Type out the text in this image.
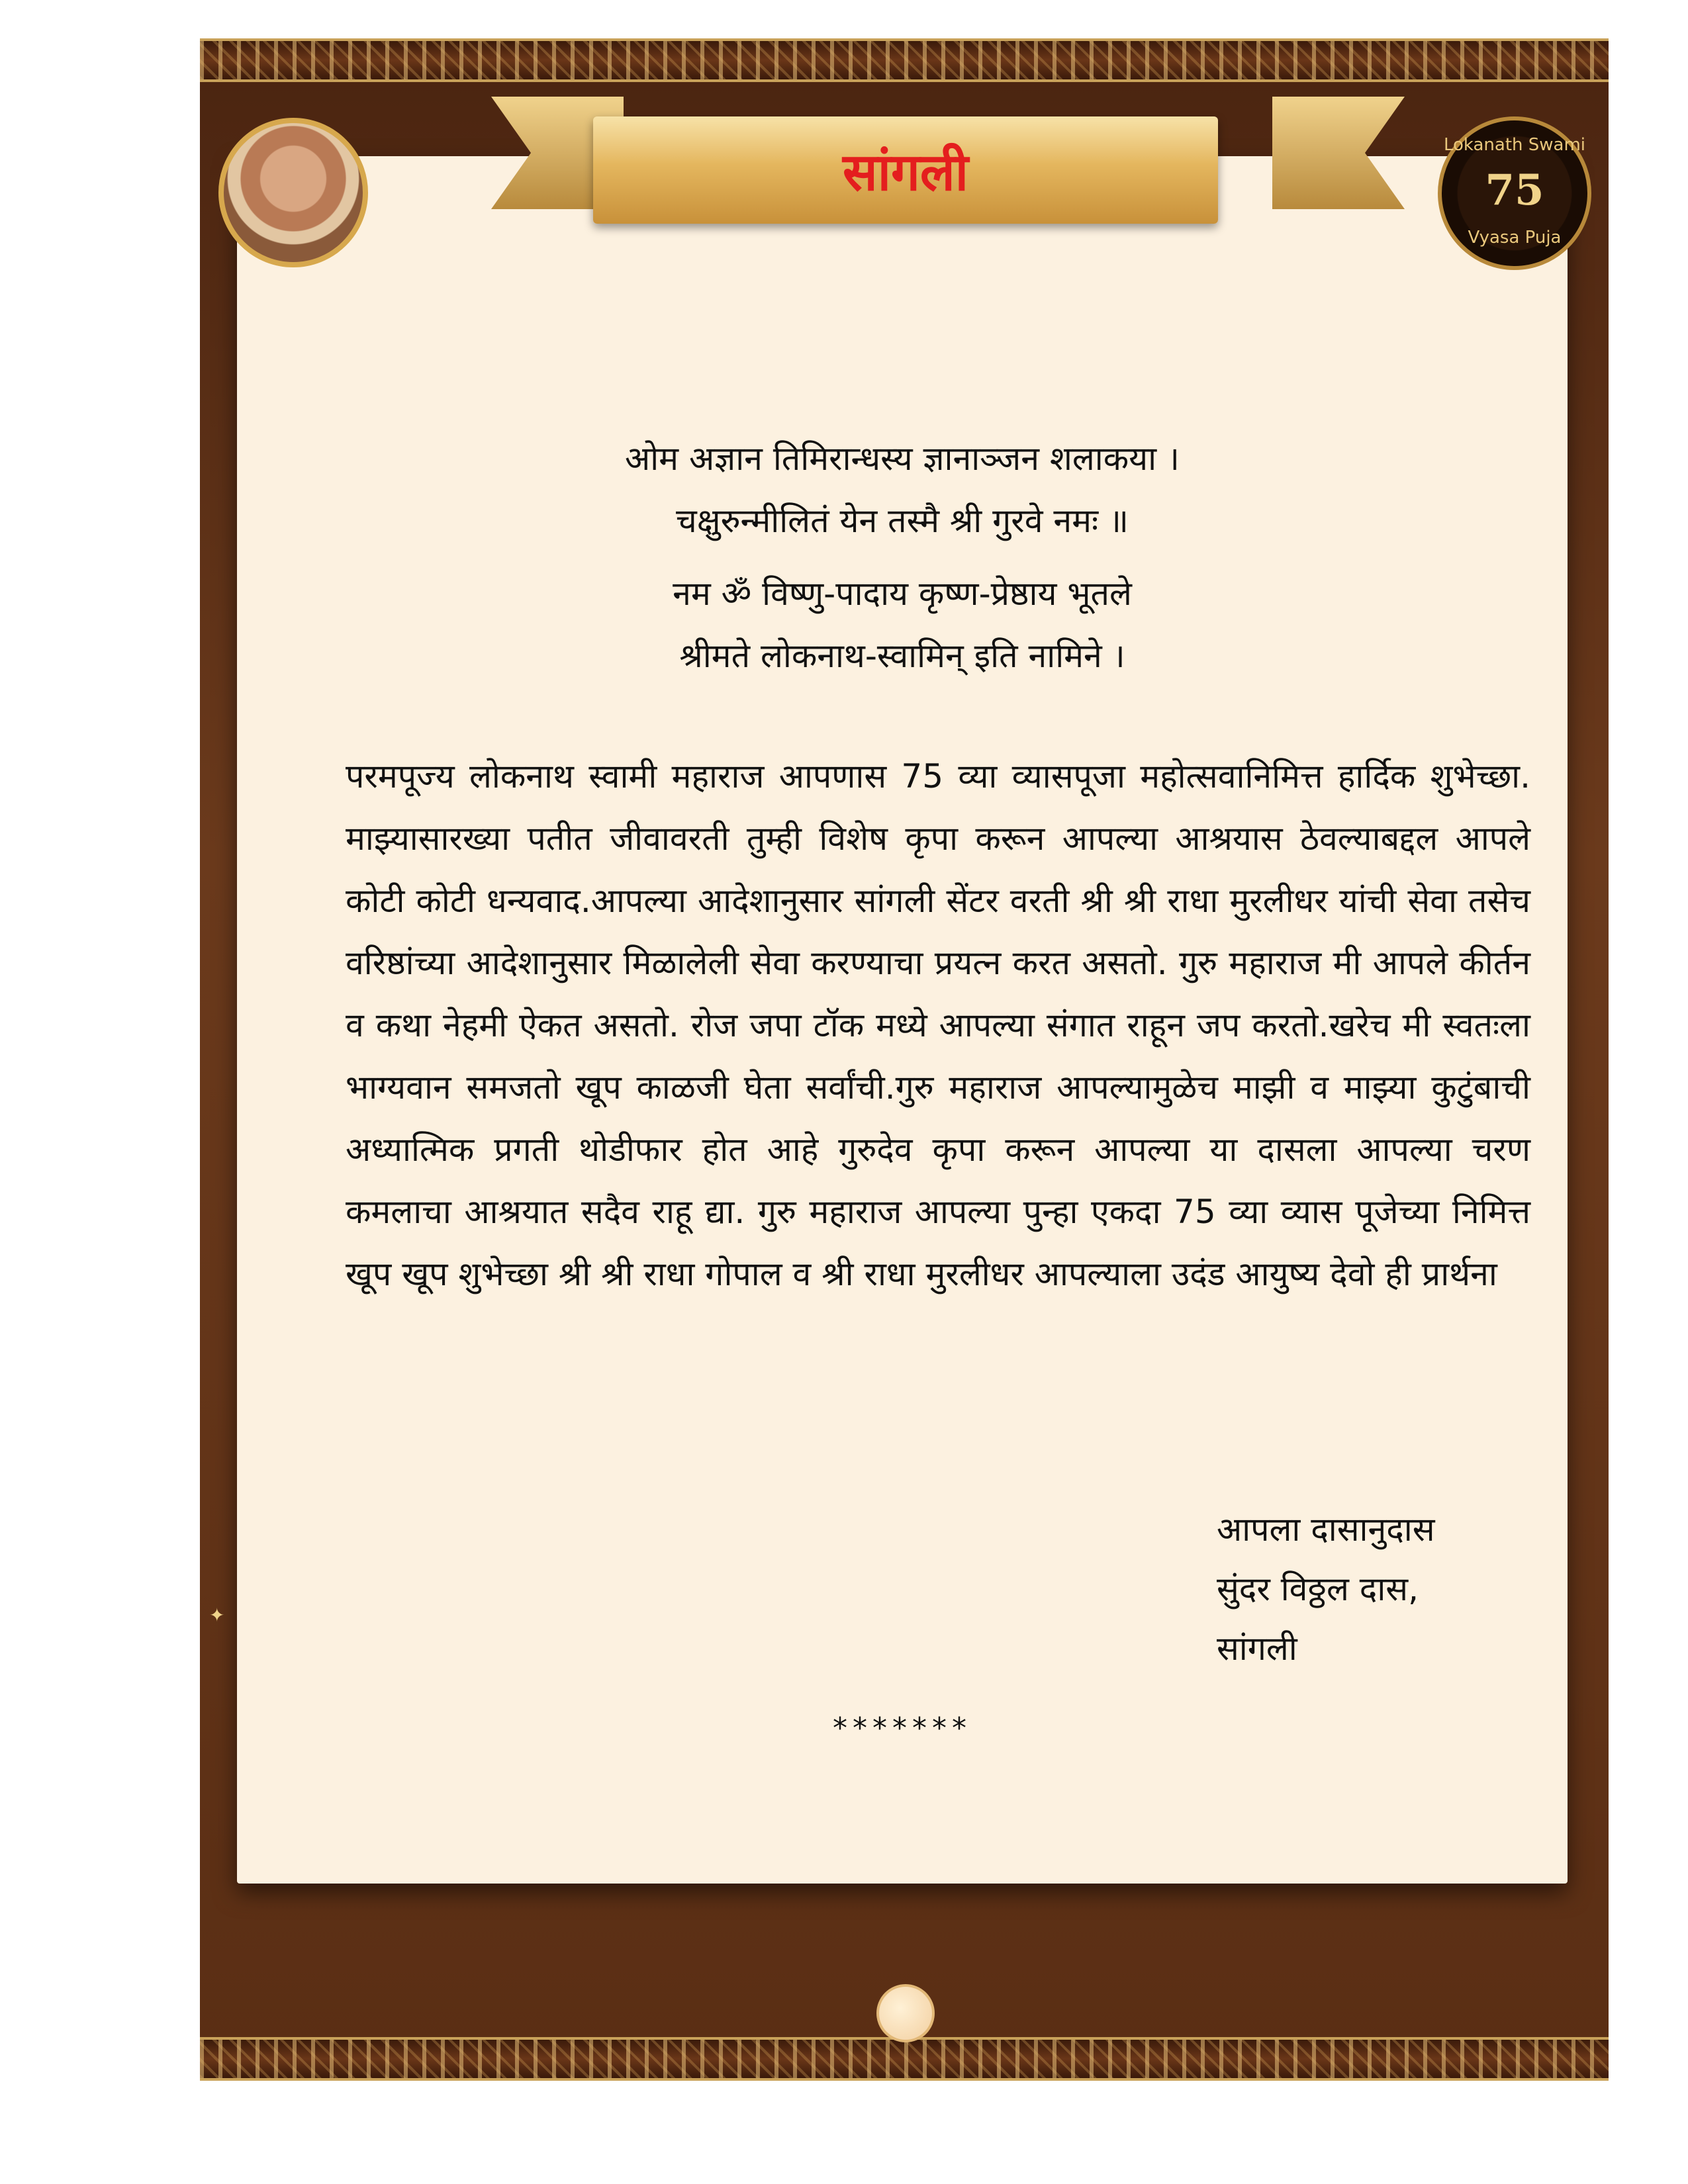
ओम अज्ञान तिमिरान्धस्य ज्ञानाञ्जन शलाकया ।

चक्षुरुन्मीलितं येन तस्मै श्री गुरवे नमः ॥

नम ॐ विष्णु-पादाय कृष्ण-प्रेष्ठाय भूतले

श्रीमते लोकनाथ-स्वामिन् इति नामिने ।

परमपूज्य लोकनाथ स्वामी महाराज आपणास 75 व्या व्यासपूजा महोत्सवानिमित्त हार्दिक शुभेच्छा. माझ्यासारख्या पतीत जीवावरती तुम्ही विशेष कृपा करून आपल्या आश्रयास ठेवल्याबद्दल आपले कोटी कोटी धन्यवाद.आपल्या आदेशानुसार सांगली सेंटर वरती श्री श्री राधा मुरलीधर यांची सेवा तसेच वरिष्ठांच्या आदेशानुसार मिळालेली सेवा करण्याचा प्रयत्न करत असतो. गुरु महाराज मी आपले कीर्तन व कथा नेहमी ऐकत असतो. रोज जपा टॉक मध्ये आपल्या संगात राहून जप करतो.खरेच मी स्वतःला भाग्यवान समजतो खूप काळजी घेता सर्वांची.गुरु महाराज आपल्यामुळेच माझी व माझ्या कुटुंबाची अध्यात्मिक प्रगती थोडीफार होत आहे गुरुदेव कृपा करून आपल्या या दासला आपल्या चरण कमलाचा आश्रयात सदैव राहू द्या. गुरु महाराज आपल्या पुन्हा एकदा 75 व्या व्यास पूजेच्या निमित्त खूप खूप शुभेच्छा श्री श्री राधा गोपाल व श्री राधा मुरलीधर आपल्याला उदंड आयुष्य देवो ही प्रार्थना

आपला दासानुदास
सुंदर विठ्ठल दास,
सांगली
*******
सांगली	Lokanath Swami
75
Vyasa Puja
✦
